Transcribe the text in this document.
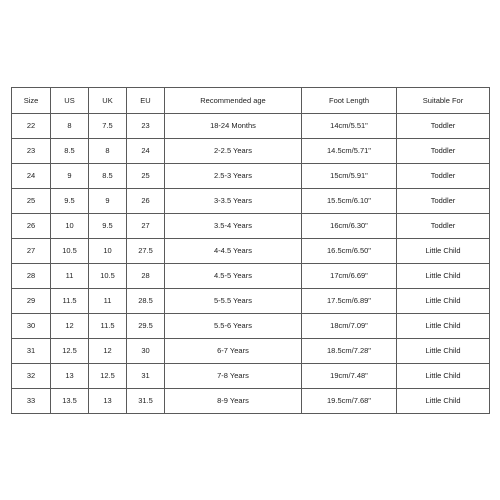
Size	US	UK	EU	Recommended age	Foot Length	Suitable For
22	8	7.5	23	18-24 Months	14cm/5.51"	Toddler
23	8.5	8	24	2-2.5 Years	14.5cm/5.71"	Toddler
24	9	8.5	25	2.5-3 Years	15cm/5.91"	Toddler
25	9.5	9	26	3-3.5 Years	15.5cm/6.10"	Toddler
26	10	9.5	27	3.5-4 Years	16cm/6.30"	Toddler
27	10.5	10	27.5	4-4.5 Years	16.5cm/6.50"	Little Child
28	11	10.5	28	4.5-5 Years	17cm/6.69"	Little Child
29	11.5	11	28.5	5-5.5 Years	17.5cm/6.89"	Little Child
30	12	11.5	29.5	5.5-6 Years	18cm/7.09"	Little Child
31	12.5	12	30	6-7 Years	18.5cm/7.28"	Little Child
32	13	12.5	31	7-8 Years	19cm/7.48"	Little Child
33	13.5	13	31.5	8-9 Years	19.5cm/7.68"	Little Child
